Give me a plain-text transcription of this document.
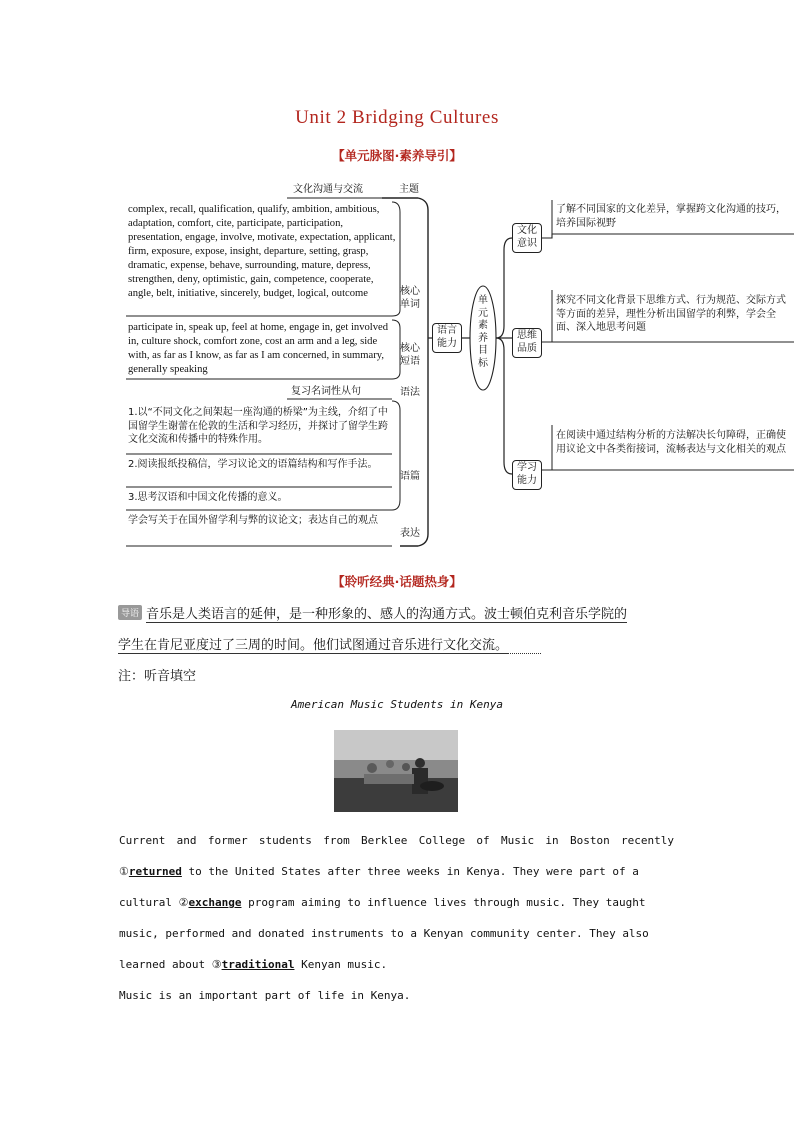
Unit 2 Bridging Cultures
【单元脉图·素养导引】
文化沟通与交流	主题
complex, recall, qualification, qualify, ambition, ambitious, adaptation, comfort, cite, participate, participation, presentation, engage, involve, motivate, expectation, applicant, firm, exposure, expose, insight, departure, setting, grasp, dramatic, expense, behave, surrounding, mature, depress, strengthen, deny, optimistic, gain, competence, cooperate, angle, belt, initiative, sincerely, budget, logical, outcome	核心
单词
participate in, speak up, feel at home, engage in, get involved in, culture shock, comfort zone, cost an arm and a leg, side with, as far as I know, as far as I am concerned, in summary, generally speaking
核心
短语
复习名词性从句	语法
1.以“不同文化之间架起一座沟通的桥梁”为主线，介绍了中国留学生谢蕾在伦敦的生活和学习经历，并探讨了留学生跨文化交流和传播中的特殊作用。
2.阅读报纸投稿信，学习议论文的语篇结构和写作手法。
3.思考汉语和中国文化传播的意义。
语篇
学会写关于在国外留学利与弊的议论文；表达自己的观点
表达
语言
能力
单
元
素
养
目
标
文化
意识
了解不同国家的文化差异，掌握跨文化沟通的技巧，培养国际视野
思维
品质
探究不同文化背景下思维方式、行为规范、交际方式等方面的差异，理性分析出国留学的利弊，学会全面、深入地思考问题
学习
能力
在阅读中通过结构分析的方法解决长句障碍，正确使用议论文中各类衔接词，流畅表达与文化相关的观点
【聆听经典·话题热身】
导语 音乐是人类语言的延伸，是一种形象的、感人的沟通方式。波士顿伯克利音乐学院的
学生在肯尼亚度过了三周的时间。他们试图通过音乐进行文化交流。
注：听音填空
American Music Students in Kenya
Current and former students from Berklee College of Music in Boston recently
①returned to the United States after three weeks in Kenya. They were part of a
cultural ②exchange program aiming to influence lives through music. They taught
music, performed and donated instruments to a Kenyan community center. They also
learned about ③traditional Kenyan music.
Music is an important part of life in Kenya.
